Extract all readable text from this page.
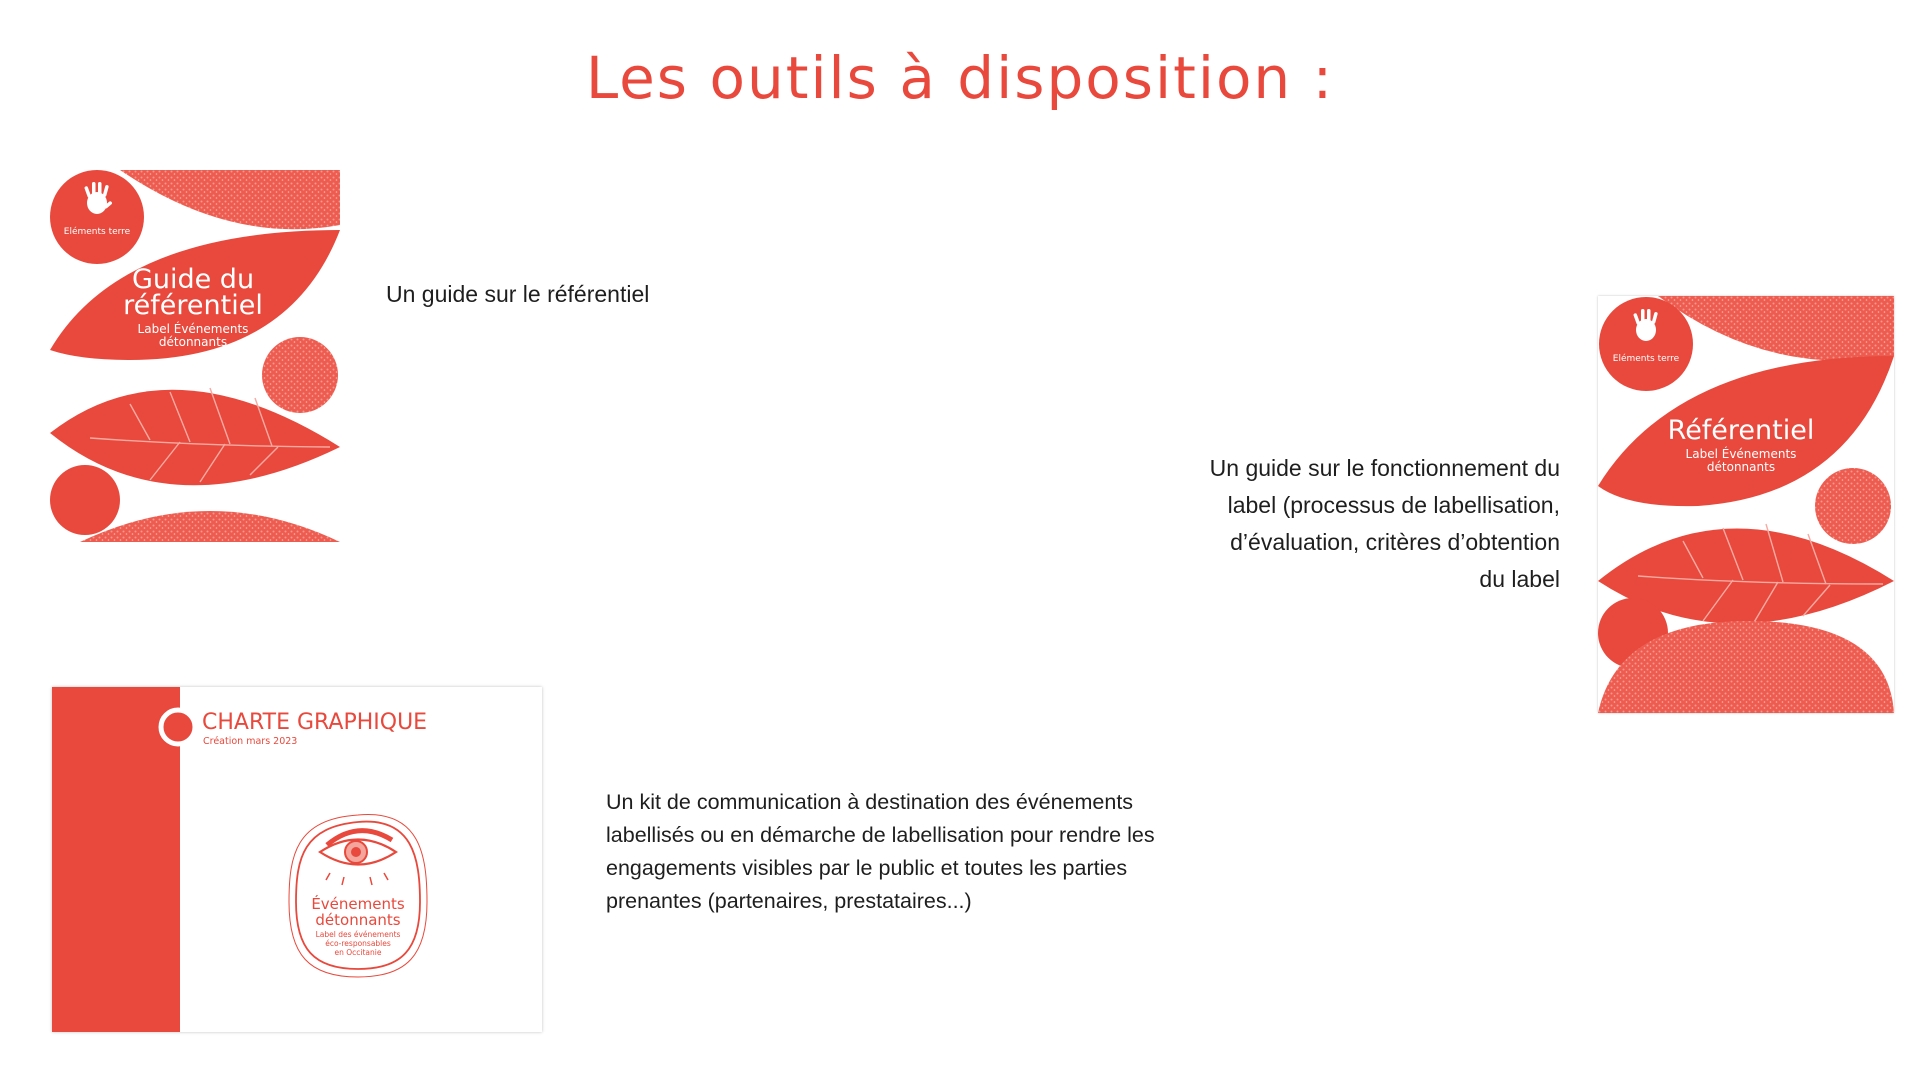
Les outils à disposition :
Eléments terre
Guide du
référentiel
Label Événements
détonnants

Un guide sur le référentiel

Un guide sur le fonctionnement du
label (processus de labellisation,
d’évaluation, critères d’obtention
du label

Eléments terre
Référentiel
Label Événements
détonnants
CHARTE GRAPHIQUE
Création mars 2023
Événements
détonnants
Label des événements
éco-responsables
en Occitanie

Un kit de communication à destination des événements
labellisés ou en démarche de labellisation pour rendre les
engagements visibles par le public et toutes les parties
prenantes (partenaires, prestataires...)
